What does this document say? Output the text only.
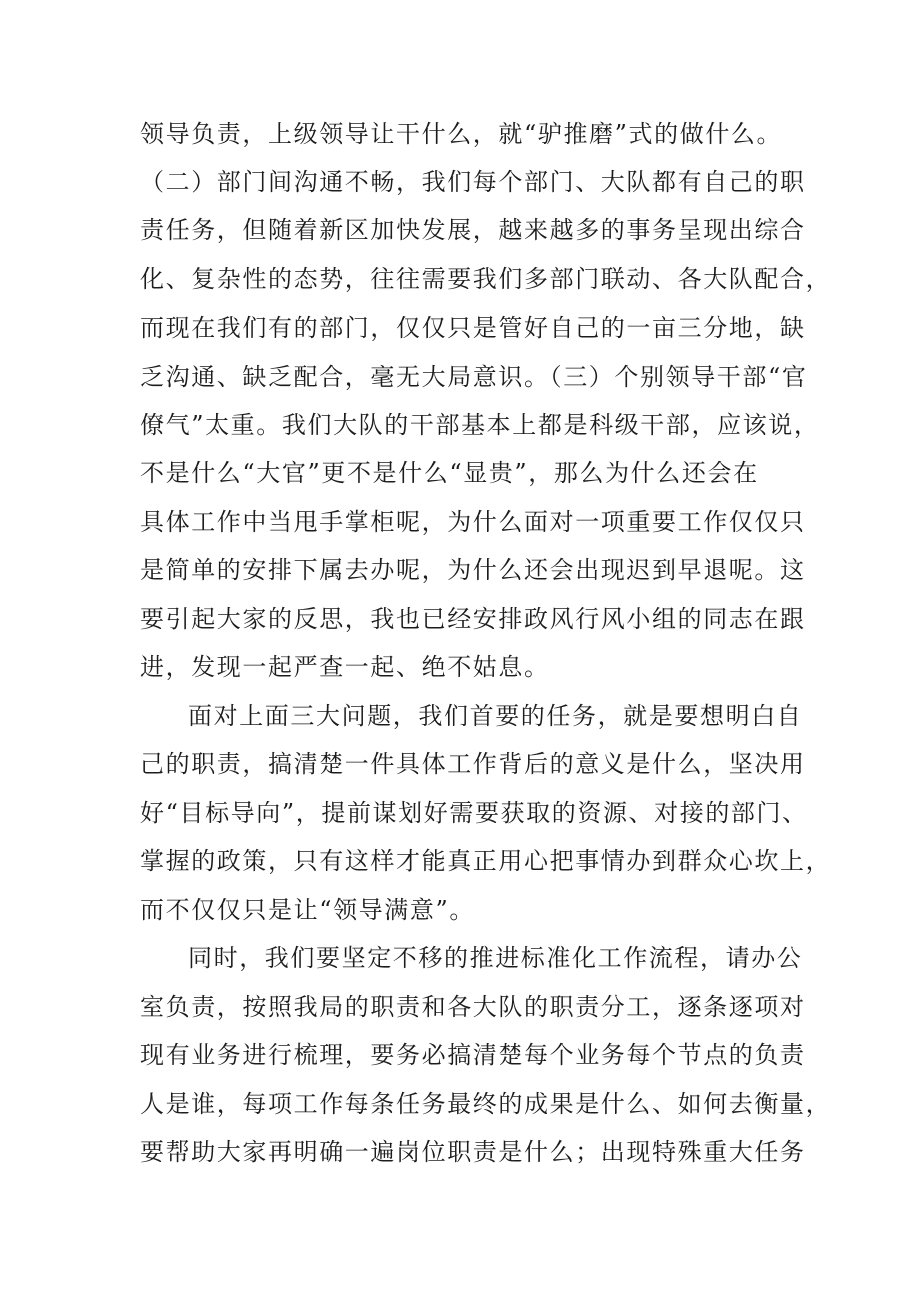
领导负责，上级领导让干什么，就“驴推磨”式的做什么。
（二）部门间沟通不畅，我们每个部门、大队都有自己的职
责任务，但随着新区加快发展，越来越多的事务呈现出综合
化、复杂性的态势，往往需要我们多部门联动、各大队配合，
而现在我们有的部门，仅仅只是管好自己的一亩三分地，缺
乏沟通、缺乏配合，毫无大局意识。（三）个别领导干部“官
僚气”太重。我们大队的干部基本上都是科级干部，应该说，
不是什么“大官”更不是什么“显贵”，那么为什么还会在
具体工作中当甩手掌柜呢，为什么面对一项重要工作仅仅只
是简单的安排下属去办呢，为什么还会出现迟到早退呢。这
要引起大家的反思，我也已经安排政风行风小组的同志在跟
进，发现一起严查一起、绝不姑息。
面对上面三大问题，我们首要的任务，就是要想明白自
己的职责，搞清楚一件具体工作背后的意义是什么，坚决用
好“目标导向”，提前谋划好需要获取的资源、对接的部门、
掌握的政策，只有这样才能真正用心把事情办到群众心坎上，
而不仅仅只是让“领导满意”。
同时，我们要坚定不移的推进标准化工作流程，请办公
室负责，按照我局的职责和各大队的职责分工，逐条逐项对
现有业务进行梳理，要务必搞清楚每个业务每个节点的负责
人是谁，每项工作每条任务最终的成果是什么、如何去衡量，
要帮助大家再明确一遍岗位职责是什么；出现特殊重大任务
